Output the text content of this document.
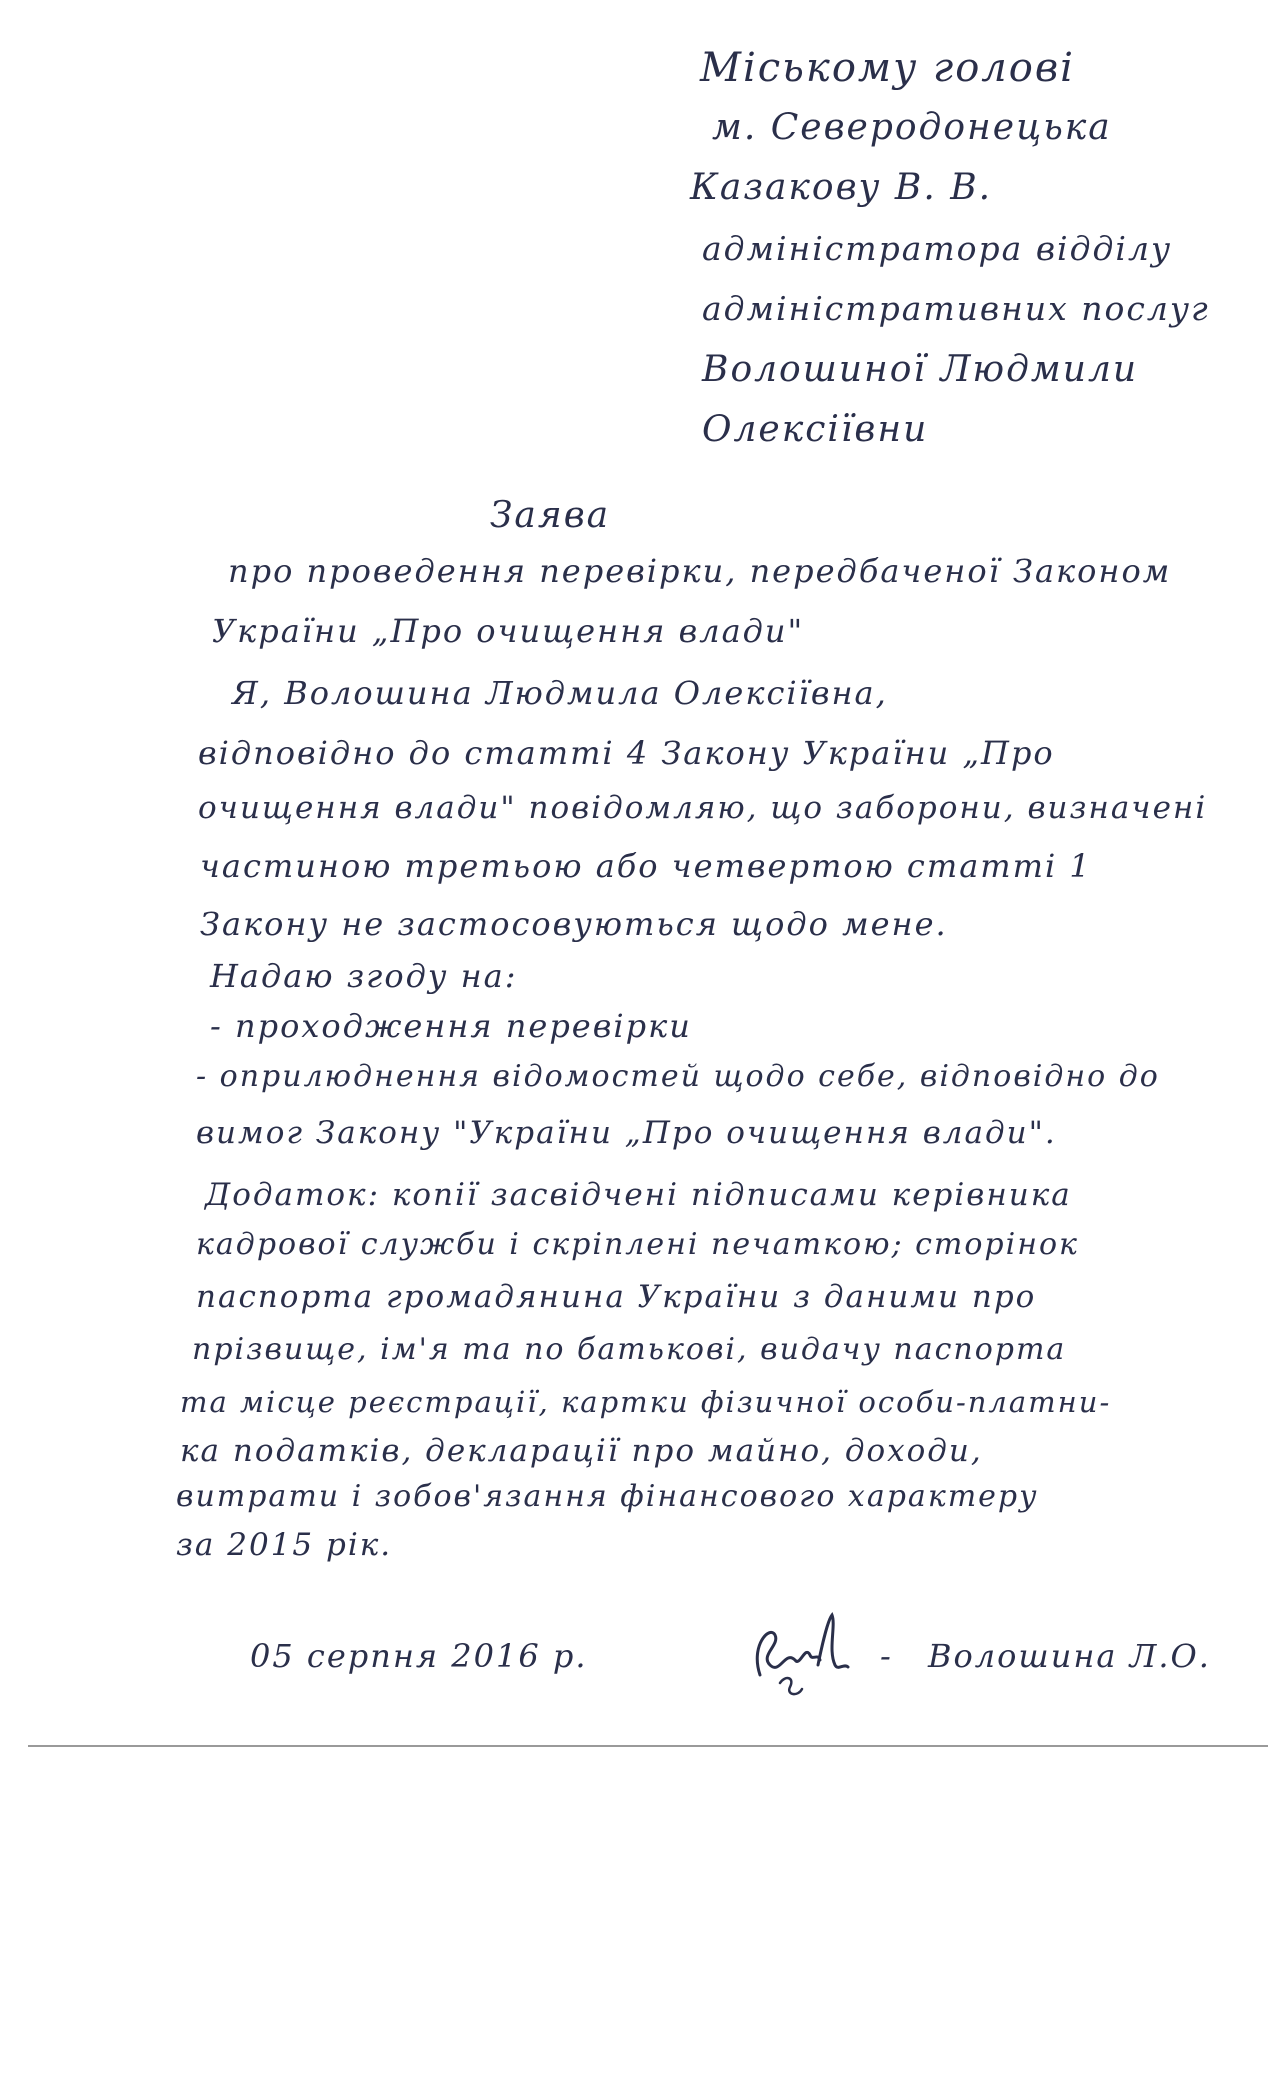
Міському голові
м. Северодонецька
Казакову В. В.
адміністратора відділу
адміністративних послуг
Волошиної Людмили
Олексіївни
Заява
про проведення перевірки, передбаченої Законом
України „Про очищення влади"
Я, Волошина Людмила Олексіївна,
відповідно до статті 4 Закону України „Про
очищення влади" повідомляю, що заборони, визначені
частиною третьою або четвертою статті 1
Закону не застосовуються щодо мене.
Надаю згоду на:
- проходження перевірки
- оприлюднення відомостей щодо себе, відповідно до
вимог Закону "України „Про очищення влади".
Додаток: копії засвідчені підписами керівника
кадрової служби і скріплені печаткою; сторінок
паспорта громадянина України з даними про
прізвище, ім'я та по батькові, видачу паспорта
та місце реєстрації, картки фізичної особи-платни-
ка податків, декларації про майно, доходи,
витрати і зобов'язання фінансового характеру
за 2015 рік.
05 серпня 2016 р.	- Волошина Л.О.
